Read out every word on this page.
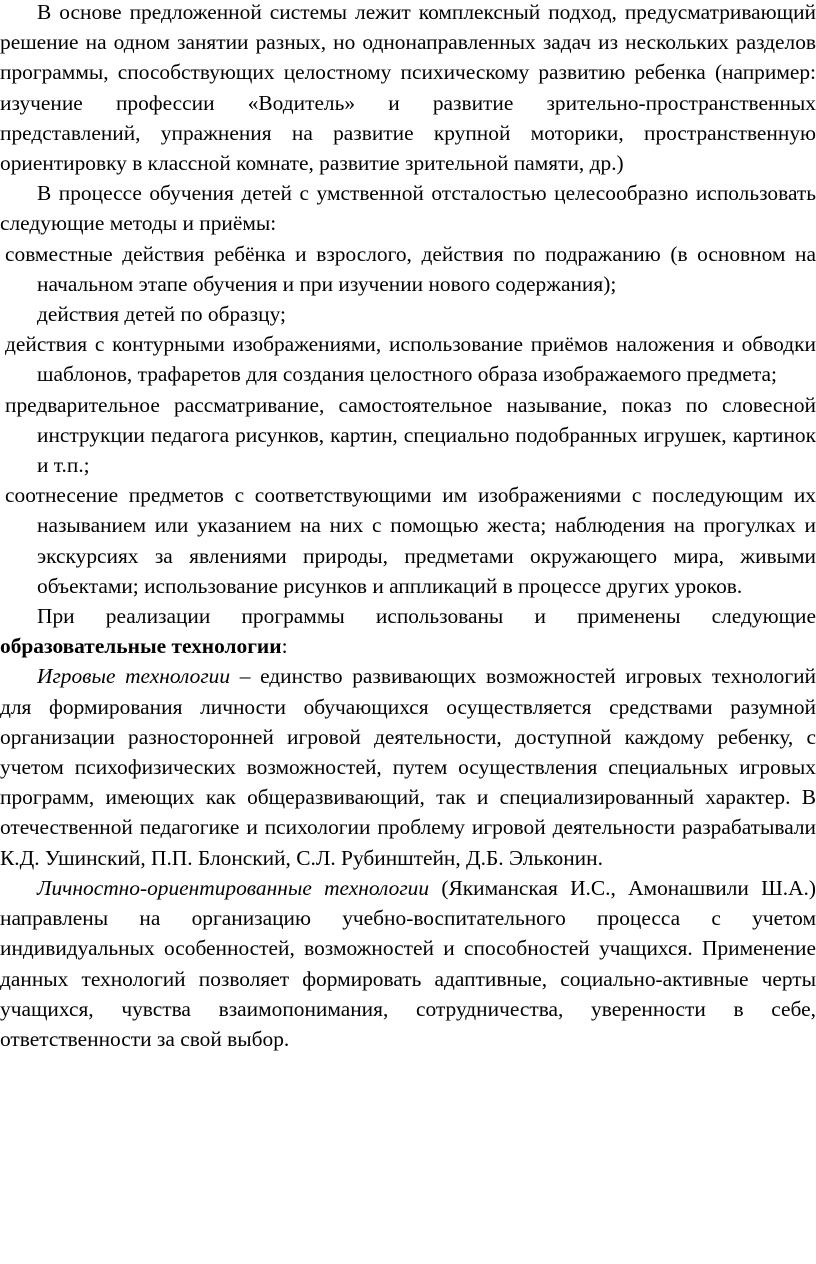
В основе предложенной системы лежит комплексный подход, предусматривающий решение на одном занятии разных, но однонаправленных задач из нескольких разделов программы, способствующих целостному психическому развитию ребенка (например: изучение профессии «Водитель» и развитие зрительно-пространственных представлений, упражнения на развитие крупной моторики, пространственную ориентировку в классной комнате, развитие зрительной памяти, др.)

В процессе обучения детей с умственной отсталостью целесообразно использовать следующие методы и приёмы:

совместные действия ребёнка и взрослого, действия по подражанию (в основном на начальном этапе обучения и при изучении нового содержания);

действия детей по образцу;

действия с контурными изображениями, использование приёмов наложения и обводки шаблонов, трафаретов для создания целостного образа изображаемого предмета;

предварительное рассматривание, самостоятельное называние, показ по словесной инструкции педагога рисунков, картин, специально подобранных игрушек, картинок и т.п.;

соотнесение предметов с соответствующими им изображениями с последующим их называнием или указанием на них с помощью жеста; наблюдения на прогулках и экскурсиях за явлениями природы, предметами окружающего мира, живыми объектами; использование рисунков и аппликаций в процессе других уроков.

При реализации программы использованы и применены следующие образовательные технологии:

Игровые технологии – единство развивающих возможностей игровых технологий для формирования личности обучающихся осуществляется средствами разумной организации разносторонней игровой деятельности, доступной каждому ребенку, с учетом психофизических возможностей, путем осуществления специальных игровых программ, имеющих как общеразвивающий, так и специализированный характер. В отечественной педагогике и психологии проблему игровой деятельности разрабатывали К.Д. Ушинский, П.П. Блонский, С.Л. Рубинштейн, Д.Б. Эльконин.

Личностно-ориентированные технологии (Якиманская И.С., Амонашвили Ш.А.) направлены на организацию учебно-воспитательного процесса с учетом индивидуальных особенностей, возможностей и способностей учащихся. Применение данных технологий позволяет формировать адаптивные, социально-активные черты учащихся, чувства взаимопонимания, сотрудничества, уверенности в себе, ответственности за свой выбор.
